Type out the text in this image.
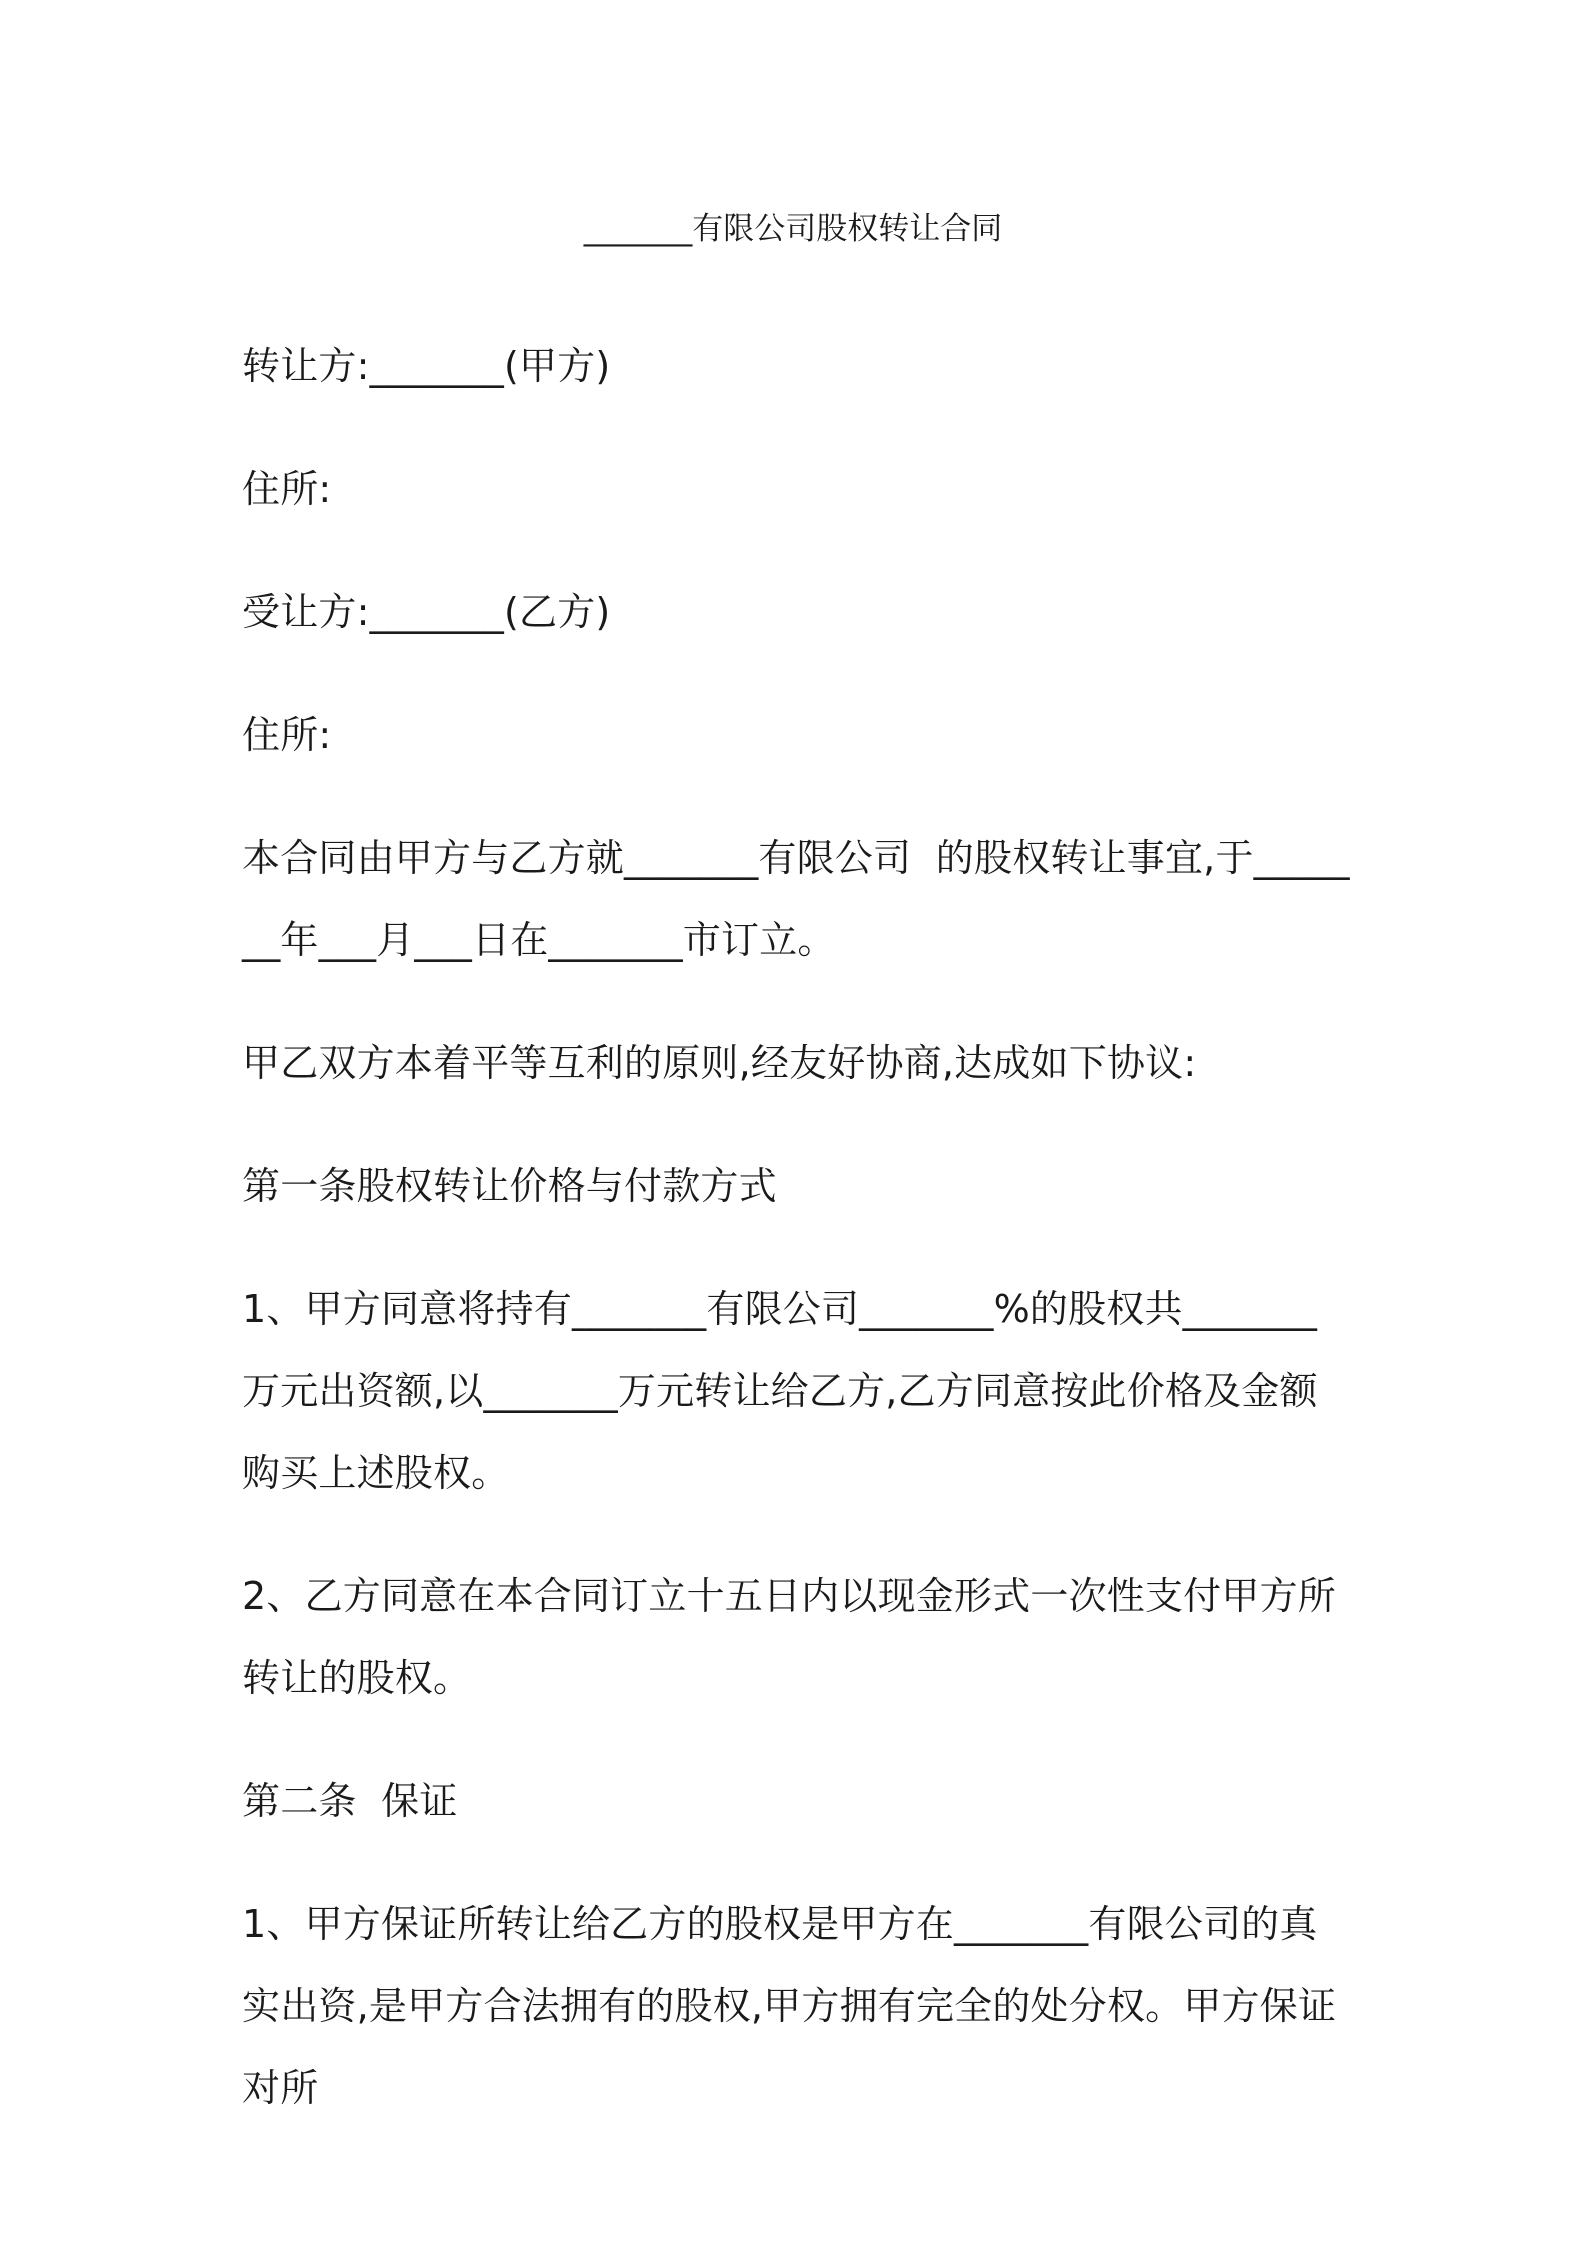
_______有限公司股权转让合同

转让方:_______(甲方)

住所:

受让方:_______(乙方)

住所:

本合同由甲方与乙方就_______有限公司  的股权转让事宜,于_______年___月___日在_______市订立。

甲乙双方本着平等互利的原则,经友好协商,达成如下协议:

第一条股权转让价格与付款方式

1、甲方同意将持有_______有限公司_______%的股权共_______万元出资额,以_______万元转让给乙方,乙方同意按此价格及金额购买上述股权。

2、乙方同意在本合同订立十五日内以现金形式一次性支付甲方所转让的股权。

第二条  保证

1、甲方保证所转让给乙方的股权是甲方在_______有限公司的真实出资,是甲方合法拥有的股权,甲方拥有完全的处分权。甲方保证对所
